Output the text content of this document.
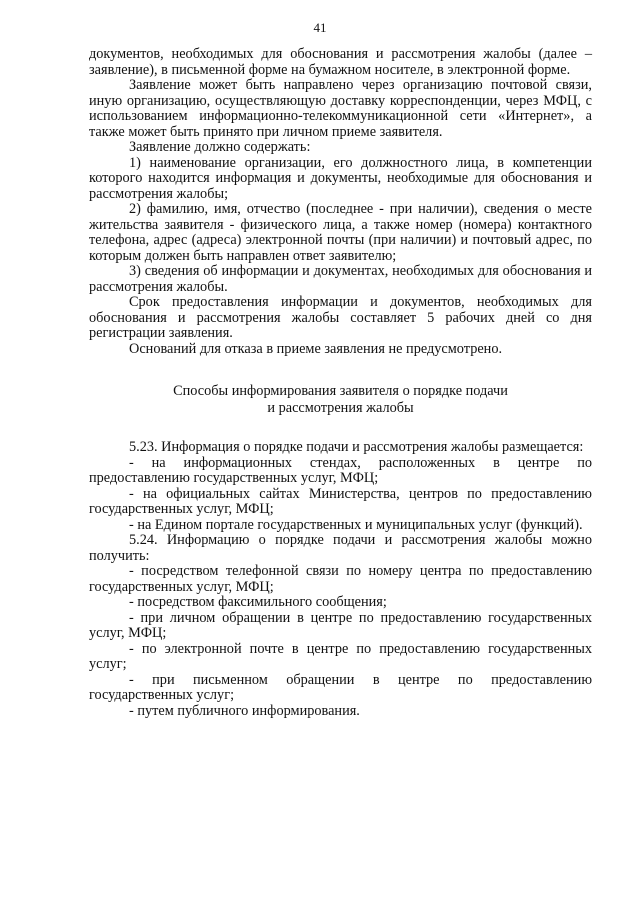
41

документов, необходимых для обоснования и рассмотрения жалобы (далее – заявление), в письменной форме на бумажном носителе, в электронной форме.

Заявление может быть направлено через организацию почтовой связи, иную организацию, осуществляющую доставку корреспонденции, через МФЦ, с использованием информационно-телекоммуникационной сети «Интернет», а также может быть принято при личном приеме заявителя.

Заявление должно содержать:

1) наименование организации, его должностного лица, в компетенции которого находится информация и документы, необходимые для обоснования и рассмотрения жалобы;

2) фамилию, имя, отчество (последнее - при наличии), сведения о месте жительства заявителя - физического лица, а также номер (номера) контактного телефона, адрес (адреса) электронной почты (при наличии) и почтовый адрес, по которым должен быть направлен ответ заявителю;

3) сведения об информации и документах, необходимых для обоснования и рассмотрения жалобы.

Срок предоставления информации и документов, необходимых для обоснования и рассмотрения жалобы составляет 5 рабочих дней со дня регистрации заявления.

Оснований для отказа в приеме заявления не предусмотрено.

Способы информирования заявителя о порядке подачи
и рассмотрения жалобы

5.23. Информация о порядке подачи и рассмотрения жалобы размещается:

- на информационных стендах, расположенных в центре по предоставлению государственных услуг, МФЦ;

- на официальных сайтах Министерства, центров по предоставлению государственных услуг, МФЦ;

- на Едином портале государственных и муниципальных услуг (функций).

5.24. Информацию о порядке подачи и рассмотрения жалобы можно получить:

- посредством телефонной связи по номеру центра по предоставлению государственных услуг, МФЦ;

- посредством факсимильного сообщения;

- при личном обращении в центре по предоставлению государственных услуг, МФЦ;

- по электронной почте в центре по предоставлению государственных услуг;

- при письменном обращении в центре по предоставлению государственных услуг;

- путем публичного информирования.
